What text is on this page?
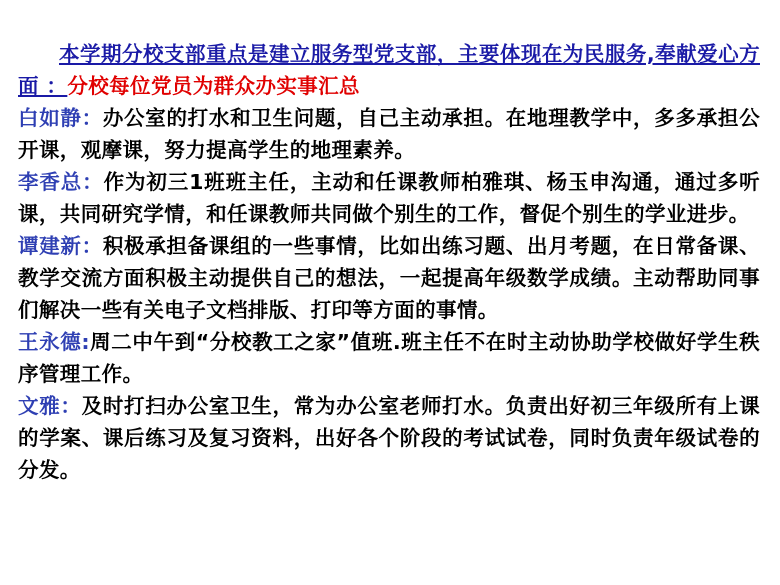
本学期分校支部重点是建立服务型党支部，主要体现在为民服务,奉献爱心方面 ：分校每位党员为群众办实事汇总

白如静：办公室的打水和卫生问题，自己主动承担。在地理教学中，多多承担公开课，观摩课，努力提高学生的地理素养。

李香总：作为初三1班班主任，主动和任课教师柏雅琪、杨玉申沟通，通过多听课，共同研究学情，和任课教师共同做个别生的工作，督促个别生的学业进步。

谭建新：积极承担备课组的一些事情，比如出练习题、出月考题，在日常备课、教学交流方面积极主动提供自己的想法，一起提高年级数学成绩。主动帮助同事们解决一些有关电子文档排版、打印等方面的事情。

王永德:周二中午到“分校教工之家”值班.班主任不在时主动协助学校做好学生秩序管理工作。

文雅：及时打扫办公室卫生，常为办公室老师打水。负责出好初三年级所有上课的学案、课后练习及复习资料，出好各个阶段的考试试卷，同时负责年级试卷的分发。
